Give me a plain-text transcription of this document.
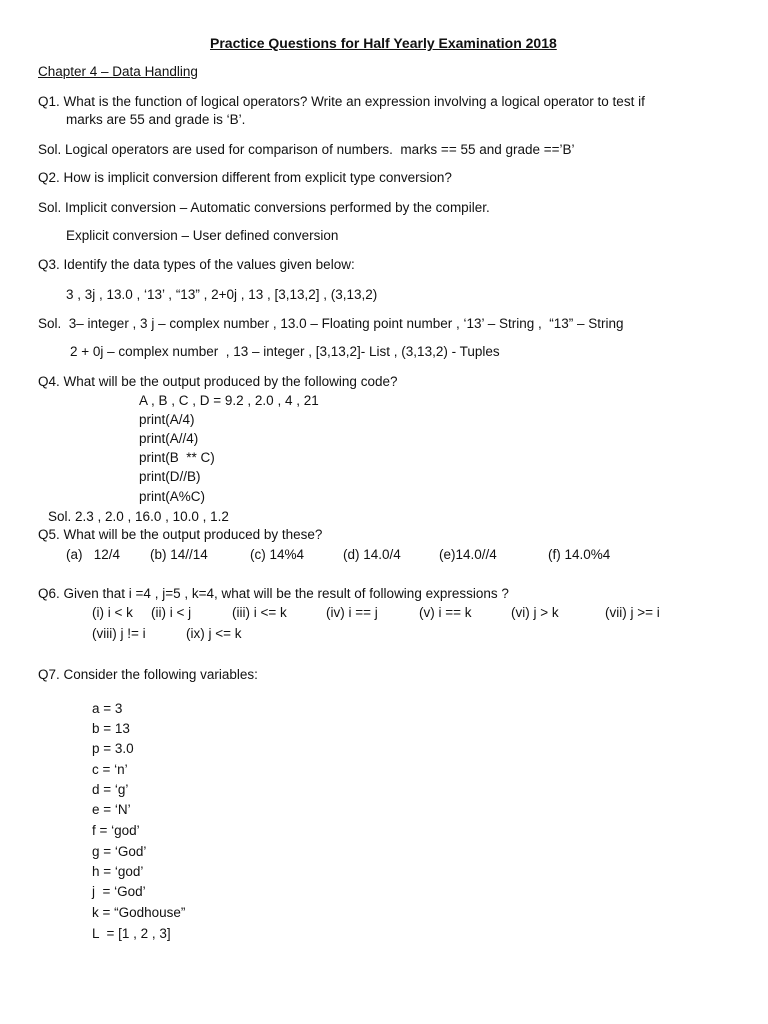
Practice Questions for Half Yearly Examination 2018
Chapter 4 – Data Handling
Q1. What is the function of logical operators? Write an expression involving a logical operator to test if
marks are 55 and grade is ‘B’.
Sol. Logical operators are used for comparison of numbers.  marks == 55 and grade ==’B’
Q2. How is implicit conversion different from explicit type conversion?
Sol. Implicit conversion – Automatic conversions performed by the compiler.
Explicit conversion – User defined conversion
Q3. Identify the data types of the values given below:
3 , 3j , 13.0 , ‘13’ , “13” , 2+0j , 13 , [3,13,2] , (3,13,2)
Sol.  3– integer , 3 j – complex number , 13.0 – Floating point number , ‘13’ – String ,  “13” – String
2 + 0j – complex number  , 13 – integer , [3,13,2]- List , (3,13,2) - Tuples
Q4. What will be the output produced by the following code?
A , B , C , D = 9.2 , 2.0 , 4 , 21
print(A/4)
print(A//4)
print(B  ** C)
print(D//B)
print(A%C)
Sol. 2.3 , 2.0 , 16.0 , 10.0 , 1.2
Q5. What will be the output produced by these?
(a)   12/4 (b) 14//14	(c) 14%4	(d) 14.0/4	(e)14.0//4	(f) 14.0%4
Q6. Given that i =4 , j=5 , k=4, what will be the result of following expressions ?
(i) i < k (ii) i < j	(iii) i <= k	(iv) i == j	(v) i == k	(vi) j > k	(vii) j >= i
(viii) j != i	(ix) j <= k
Q7. Consider the following variables:
a = 3
b = 13
p = 3.0
c = ‘n’
d = ‘g’
e = ‘N’
f = ‘god’
g = ‘God’
h = ‘god’
j  = ‘God’
k = “Godhouse”
L  = [1 , 2 , 3]
